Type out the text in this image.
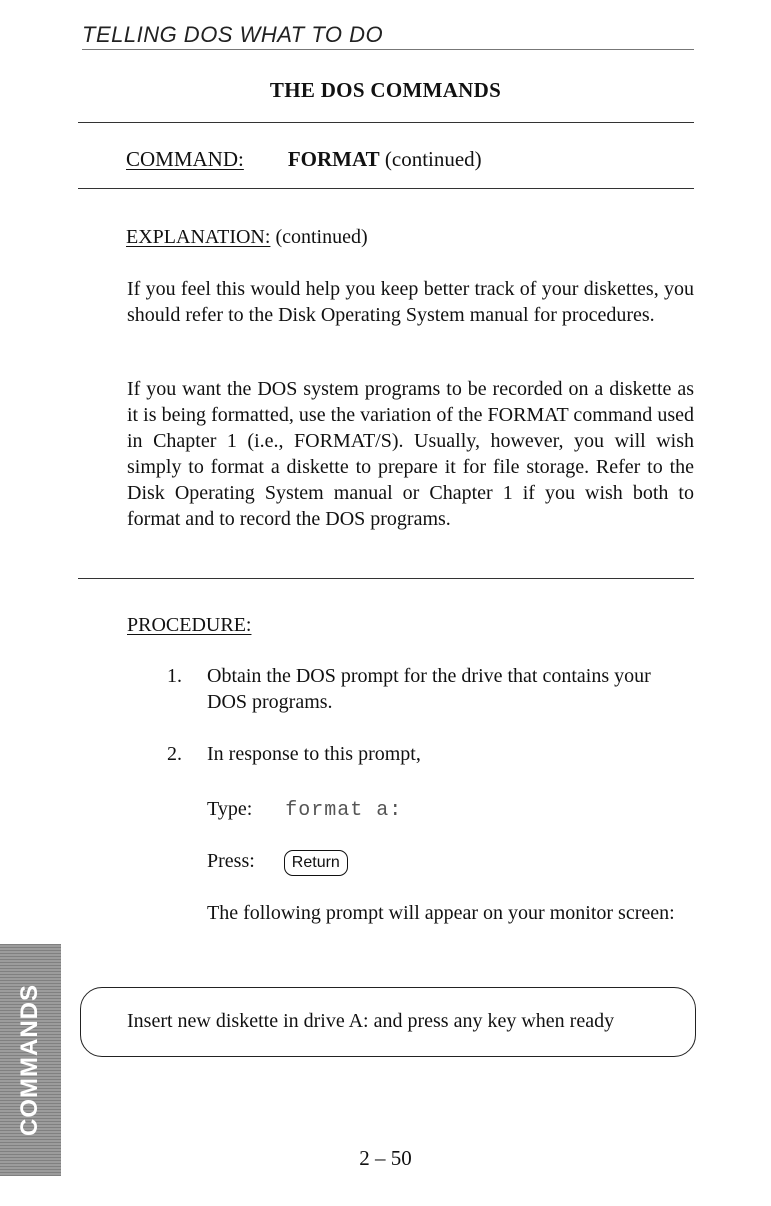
TELLING DOS WHAT TO DO
THE DOS COMMANDS
COMMAND: FORMAT (continued)
EXPLANATION: (continued)
If you feel this would help you keep better track of your diskettes, you should refer to the Disk Operating System manual for procedures.
If you want the DOS system programs to be recorded on a diskette as it is being formatted, use the variation of the FORMAT command used in Chapter 1 (i.e., FORMAT/S). Usually, however, you will wish simply to format a diskette to prepare it for file storage. Refer to the Disk Operating System manual or Chapter 1 if you wish both to format and to record the DOS programs.
PROCEDURE:
1. Obtain the DOS prompt for the drive that contains your DOS programs.
2. In response to this prompt,
Type: format a:
Press: Return
The following prompt will appear on your monitor screen:
Insert new diskette in drive A: and press any key when ready
COMMANDS
2 – 50
